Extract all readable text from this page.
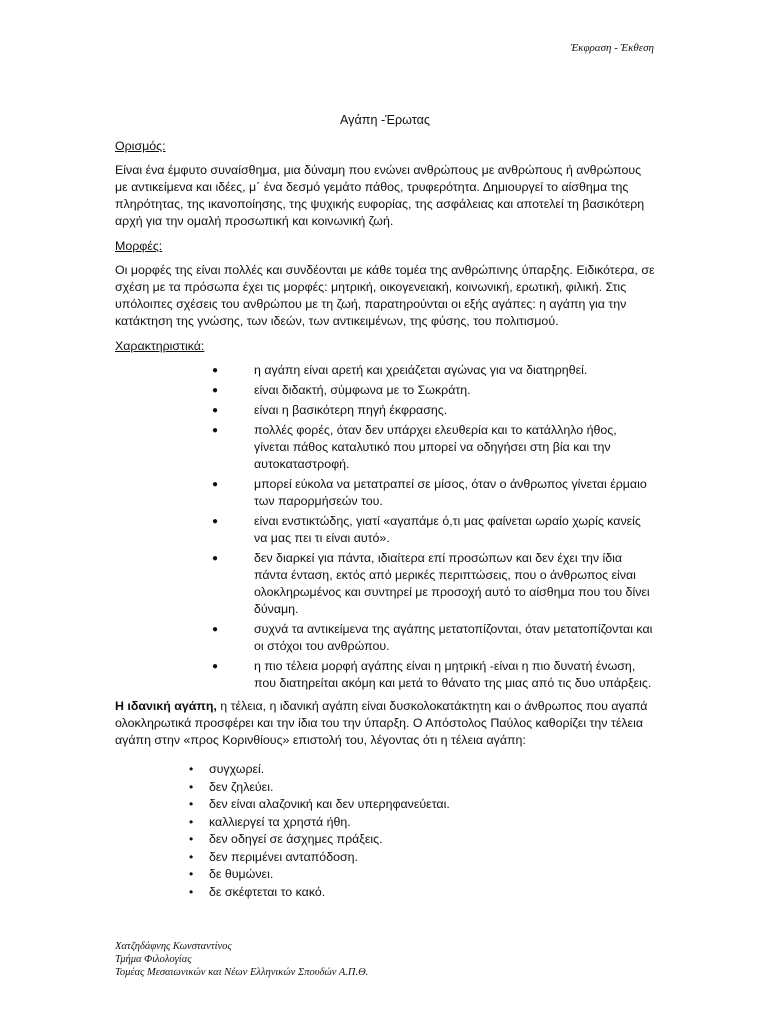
Έκφραση - Έκθεση
Αγάπη -Έρωτας
Ορισμός:
Είναι ένα έμφυτο συναίσθημα, μια δύναμη που ενώνει ανθρώπους με ανθρώπους ή ανθρώπους με αντικείμενα και ιδέες, μ΄ ένα δεσμό γεμάτο πάθος, τρυφερότητα. Δημιουργεί το αίσθημα της πληρότητας, της ικανοποίησης, της ψυχικής ευφορίας, της ασφάλειας και αποτελεί τη βασικότερη αρχή για την ομαλή προσωπική και κοινωνική ζωή.
Μορφές:
Οι μορφές της είναι πολλές και συνδέονται με κάθε τομέα της ανθρώπινης ύπαρξης. Ειδικότερα, σε σχέση με τα πρόσωπα έχει τις μορφές: μητρική, οικογενειακή, κοινωνική, ερωτική, φιλική. Στις υπόλοιπες σχέσεις του ανθρώπου με τη ζωή, παρατηρούνται οι εξής αγάπες: η αγάπη για την κατάκτηση της γνώσης, των ιδεών, των αντικειμένων, της φύσης, του πολιτισμού.
Χαρακτηριστικά:
●	η αγάπη είναι αρετή και χρειάζεται αγώνας για να διατηρηθεί.
●	είναι διδακτή, σύμφωνα με το Σωκράτη.
●	είναι η βασικότερη πηγή έκφρασης.
●	πολλές φορές, όταν δεν υπάρχει ελευθερία και το κατάλληλο ήθος, γίνεται πάθος καταλυτικό που μπορεί να οδηγήσει στη βία και την αυτοκαταστροφή.
●	μπορεί εύκολα να μετατραπεί σε μίσος, όταν ο άνθρωπος γίνεται έρμαιο των παρορμήσεών του.
●	είναι ενστικτώδης, γιατί «αγαπάμε ό,τι μας φαίνεται ωραίο χωρίς κανείς να μας πει τι είναι αυτό».
●	δεν διαρκεί για πάντα, ιδιαίτερα επί προσώπων και δεν έχει την ίδια πάντα ένταση, εκτός από μερικές περιπτώσεις, που ο άνθρωπος είναι ολοκληρωμένος και συντηρεί με προσοχή αυτό το αίσθημα που του δίνει δύναμη.
●	συχνά τα αντικείμενα της αγάπης μετατοπίζονται, όταν μετατοπίζονται και οι στόχοι του ανθρώπου.
●	η πιο τέλεια μορφή αγάπης είναι η μητρική -είναι η πιο δυνατή ένωση, που διατηρείται ακόμη και μετά το θάνατο της μιας από τις δυο υπάρξεις.
Η ιδανική αγάπη, η τέλεια, η ιδανική αγάπη είναι δυσκολοκατάκτητη και ο άνθρωπος που αγαπά ολοκληρωτικά προσφέρει και την ίδια του την ύπαρξη. Ο Απόστολος Παύλος καθορίζει την τέλεια αγάπη στην «προς Κορινθίους» επιστολή του, λέγοντας ότι η τέλεια αγάπη:
• συγχωρεί.
• δεν ζηλεύει.
• δεν είναι αλαζονική και δεν υπερηφανεύεται.
• καλλιεργεί τα χρηστά ήθη.
• δεν οδηγεί σε άσχημες πράξεις.
• δεν περιμένει ανταπόδοση.
• δε θυμώνει.
• δε σκέφτεται το κακό.
Χατζηδάφνης Κωνσταντίνος
Τμήμα Φιλολογίας
Τομέας Μεσαιωνικών και Νέων Ελληνικών Σπουδών Α.Π.Θ.
